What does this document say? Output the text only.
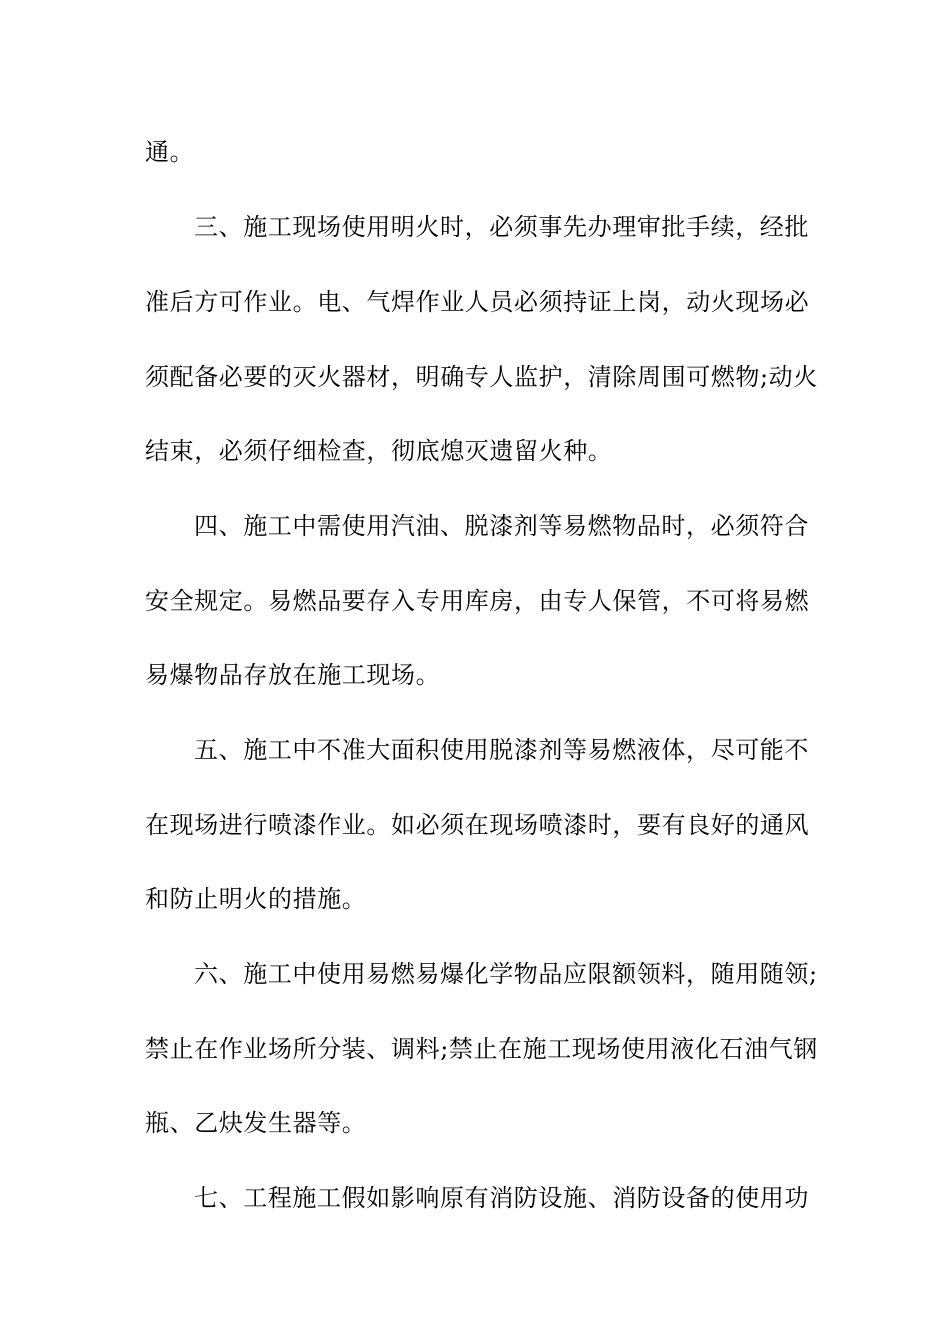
通。
三、施工现场使用明火时，必须事先办理审批手续，经批
准后方可作业。电、气焊作业人员必须持证上岗，动火现场必
须配备必要的灭火器材，明确专人监护，清除周围可燃物;动火
结束，必须仔细检查，彻底熄灭遗留火种。
四、施工中需使用汽油、脱漆剂等易燃物品时，必须符合
安全规定。易燃品要存入专用库房，由专人保管，不可将易燃
易爆物品存放在施工现场。
五、施工中不准大面积使用脱漆剂等易燃液体，尽可能不
在现场进行喷漆作业。如必须在现场喷漆时，要有良好的通风
和防止明火的措施。
六、施工中使用易燃易爆化学物品应限额领料，随用随领;
禁止在作业场所分装、调料;禁止在施工现场使用液化石油气钢
瓶、乙炔发生器等。
七、工程施工假如影响原有消防设施、消防设备的使用功
